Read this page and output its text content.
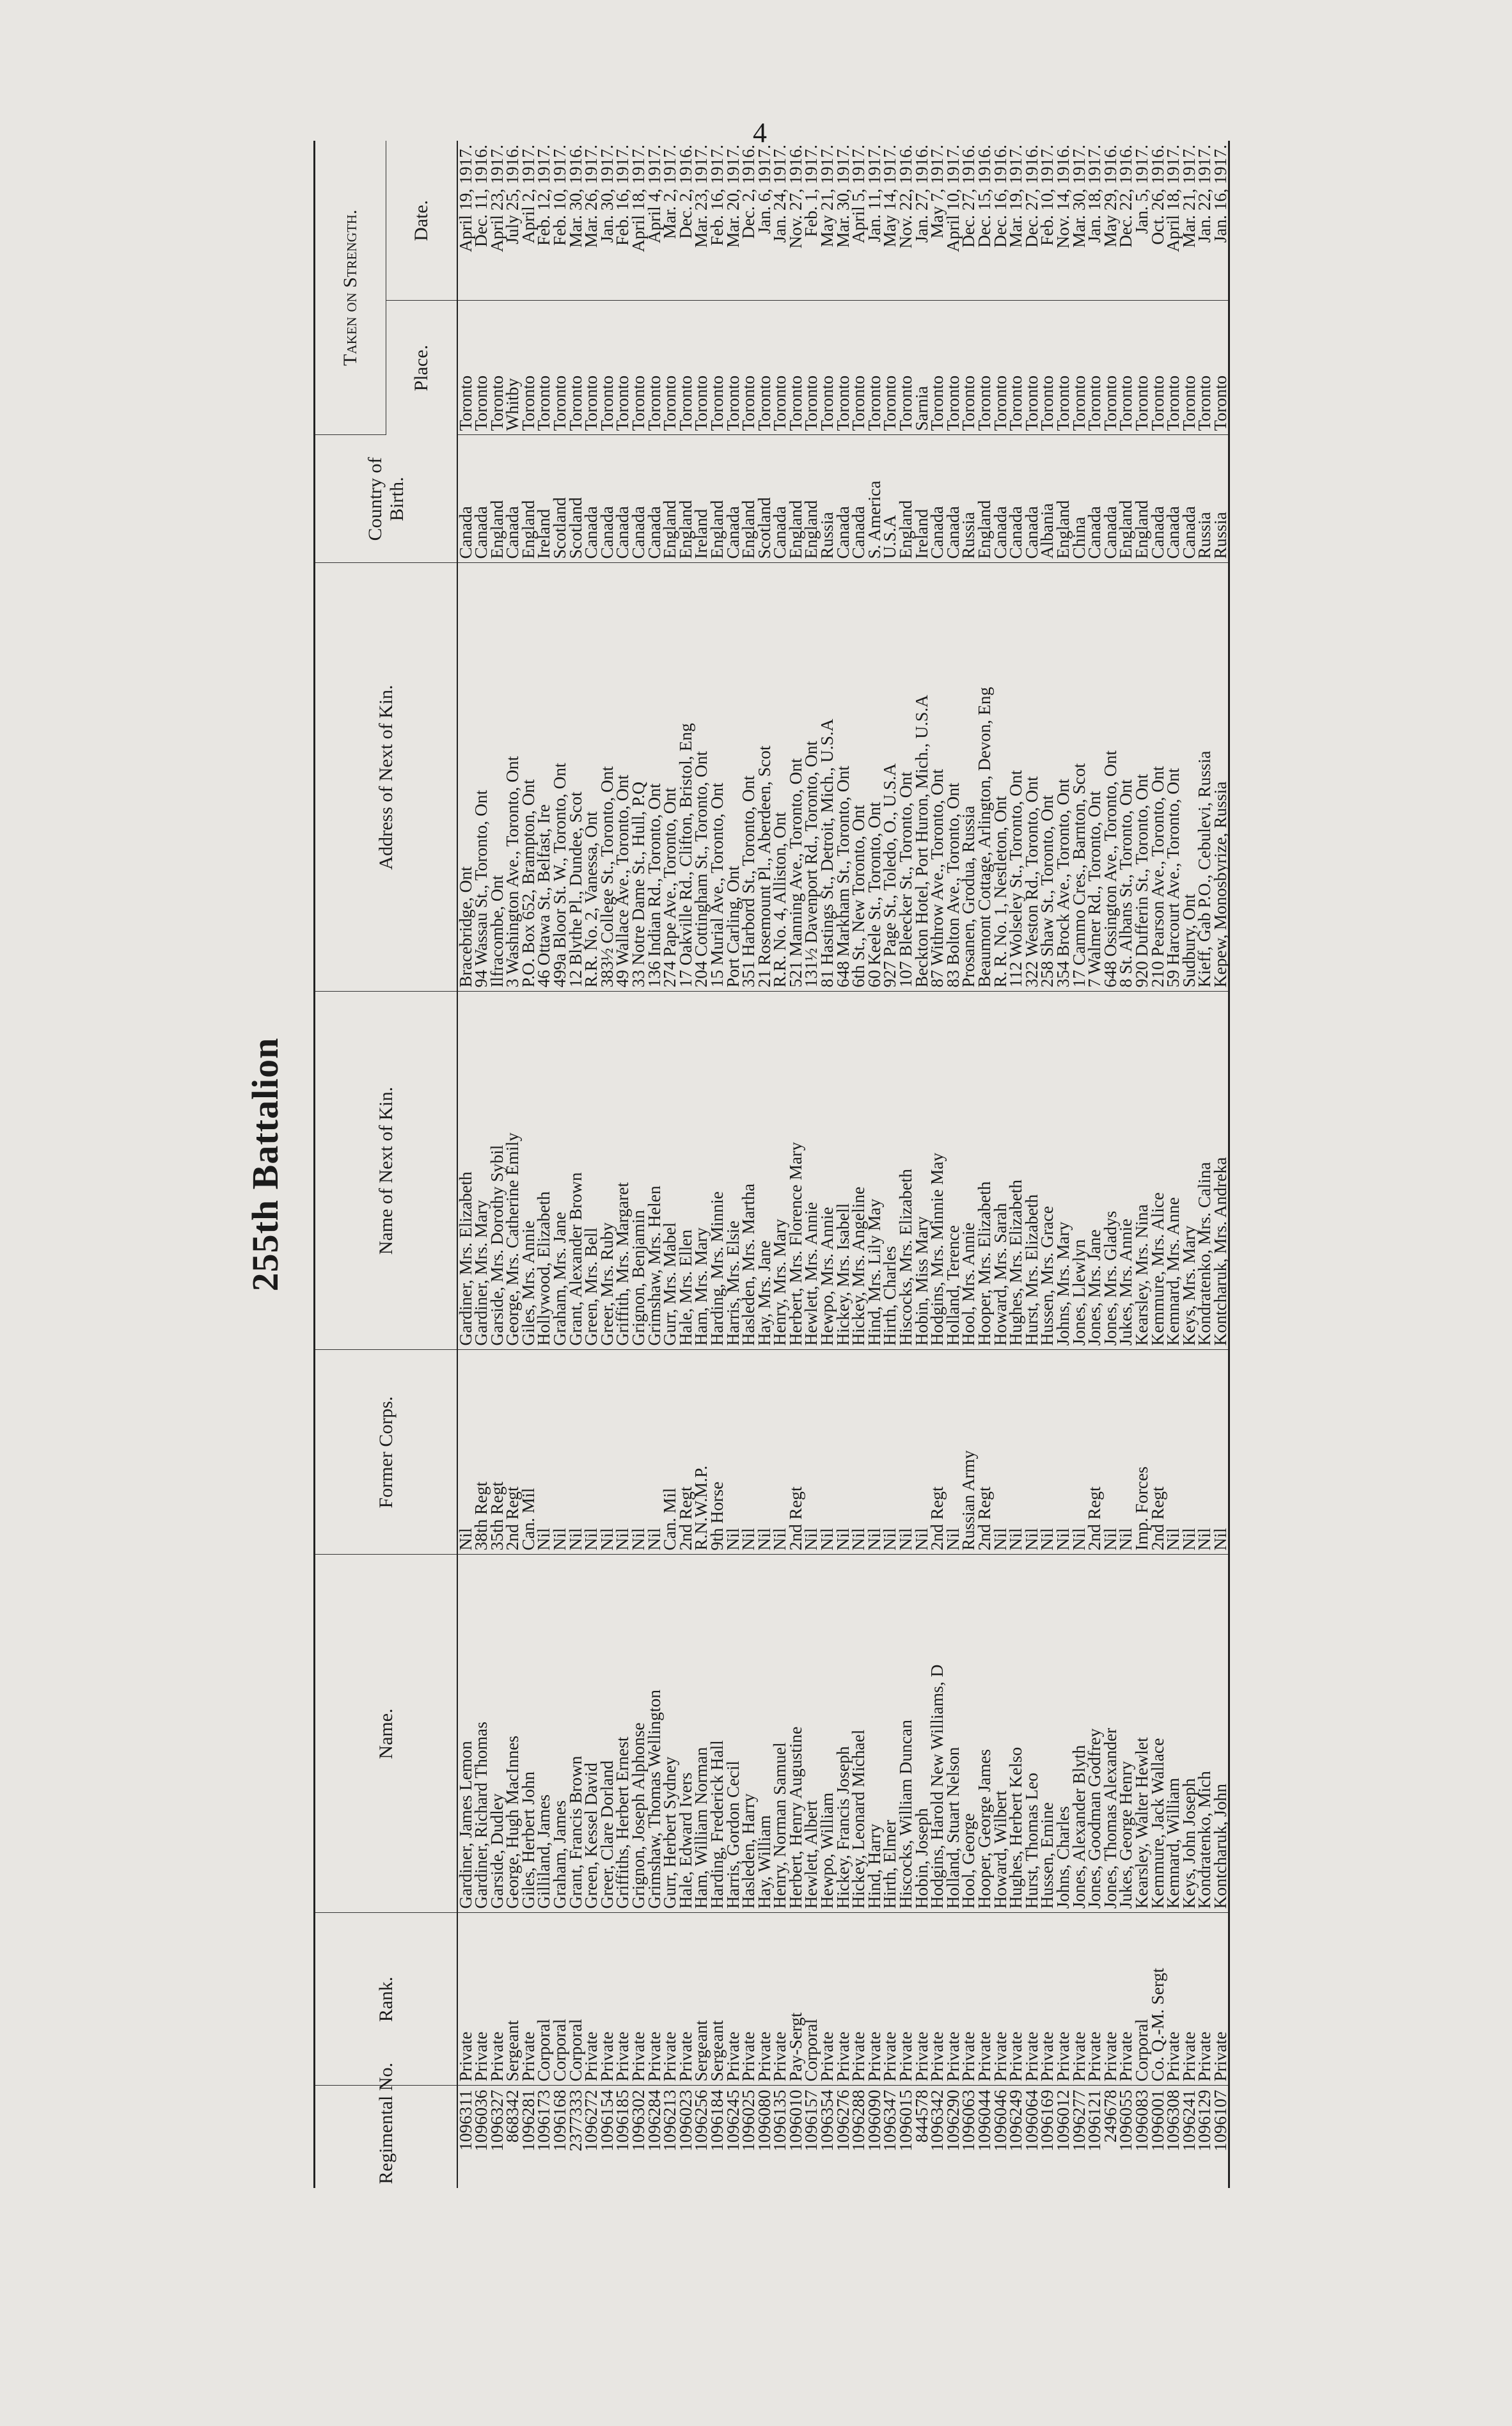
4
255th Battalion
Regimental No.	Rank.	Name.	Former Corps.	Name of Next of Kin.	Address of Next of Kin.	Country of Birth.	Taken on Strength.	
							Place.	Date.
1096311	Private	Gardiner, James Lemon	Nil	Gardiner, Mrs. Elizabeth	Bracebridge, Ont	Canada	Toronto	April 19, 1917.
1096036	Private	Gardiner, Richard Thomas	38th Regt	Gardiner, Mrs. Mary	94 Wassau St., Toronto, Ont	Canada	Toronto	Dec. 11, 1916.
1096327	Private	Garside, Dudley	35th Regt	Garside, Mrs. Dorothy Sybil	Ilfracombe, Ont	England	Toronto	April 23, 1917.
868342	Sergeant	George, Hugh MacInnes	2nd Regt	George, Mrs. Catherine Emily	3 Washington Ave., Toronto, Ont	Canada	Whitby	July 25, 1916.
1096281	Private	Giles, Herbert John	Can. Mil	Giles, Mrs. Annie	P.O. Box 652, Brampton, Ont	England	Toronto	April 2, 1917.
1096173	Corporal	Gilliland, James	Nil	Hollywood, Elizabeth	46 Ottawa St., Belfast, Ire	Ireland	Toronto	Feb. 12, 1917.
1096168	Corporal	Graham, James	Nil	Graham, Mrs. Jane	499a Bloor St. W., Toronto, Ont	Scotland	Toronto	Feb. 10, 1917.
2377333	Corporal	Grant, Francis Brown	Nil	Grant, Alexander Brown	12 Blythe Pl., Dundee, Scot	Scotland	Toronto	Mar. 30, 1916.
1096272	Private	Green, Kessel David	Nil	Green, Mrs. Bell	R.R. No. 2, Vanessa, Ont	Canada	Toronto	Mar. 26, 1917.
1096154	Private	Greer, Clare Dorland	Nil	Greer, Mrs. Ruby	383½ College St., Toronto, Ont	Canada	Toronto	Jan. 30, 1917.
1096185	Private	Griffiths, Herbert Ernest	Nil	Griffith, Mrs. Margaret	49 Wallace Ave., Toronto, Ont	Canada	Toronto	Feb. 16, 1917.
1096302	Private	Grignon, Joseph Alphonse	Nil	Grignon, Benjamin	33 Notre Dame St., Hull, P.Q	Canada	Toronto	April 18, 1917.
1096284	Private	Grimshaw, Thomas Wellington	Nil	Grimshaw, Mrs. Helen	136 Indian Rd., Toronto, Ont	Canada	Toronto	April 4, 1917.
1096213	Private	Gurr, Herbert Sydney	Can. Mil	Gurr, Mrs. Mabel	274 Pape Ave., Toronto, Ont	England	Toronto	Mar. 2, 1917.
1096023	Private	Hale, Edward Ivers	2nd Regt	Hale, Mrs. Ellen	17 Oakville Rd., Clifton, Bristol, Eng	England	Toronto	Dec. 2, 1916.
1096256	Sergeant	Ham, William Norman	R.N.W.M.P.	Ham, Mrs. Mary	204 Cottingham St., Toronto, Ont	Ireland	Toronto	Mar. 23, 1917.
1096184	Sergeant	Harding, Frederick Hall	9th Horse	Harding, Mrs. Minnie	15 Murial Ave., Toronto, Ont	England	Toronto	Feb. 16, 1917.
1096245	Private	Harris, Gordon Cecil	Nil	Harris, Mrs. Elsie	Port Carling, Ont	Canada	Toronto	Mar. 20, 1917.
1096025	Private	Hasleden, Harry	Nil	Hasleden, Mrs. Martha	351 Harbord St., Toronto, Ont	England	Toronto	Dec. 2, 1916.
1096080	Private	Hay, William	Nil	Hay, Mrs. Jane	21 Rosemount Pl., Aberdeen, Scot	Scotland	Toronto	Jan. 6, 1917.
1096135	Private	Henry, Norman Samuel	Nil	Henry, Mrs. Mary	R.R. No. 4, Alliston, Ont	Canada	Toronto	Jan. 24, 1917.
1096010	Pay-Sergt	Herbert, Henry Augustine	2nd Regt	Herbert, Mrs. Florence Mary	521 Manning Ave., Toronto, Ont	England	Toronto	Nov. 27, 1916.
1096157	Corporal	Hewlett, Albert	Nil	Hewlett, Mrs. Annie	131½ Davenport Rd., Toronto, Ont	England	Toronto	Feb. 1, 1917.
1096354	Private	Hewpo, William	Nil	Hewpo, Mrs. Annie	81 Hastings St., Detroit, Mich., U.S.A	Russia	Toronto	May 21, 1917.
1096276	Private	Hickey, Francis Joseph	Nil	Hickey, Mrs. Isabell	648 Markham St., Toronto, Ont	Canada	Toronto	Mar. 30, 1917.
1096288	Private	Hickey, Leonard Michael	Nil	Hickey, Mrs. Angeline	6th St., New Toronto, Ont	Canada	Toronto	April 5, 1917.
1096090	Private	Hind, Harry	Nil	Hind, Mrs. Lily May	60 Keele St., Toronto, Ont	S. America	Toronto	Jan. 11, 1917.
1096347	Private	Hirth, Elmer	Nil	Hirth, Charles	927 Page St., Toledo, O., U.S.A	U.S.A	Toronto	May 14, 1917.
1096015	Private	Hiscocks, William Duncan	Nil	Hiscocks, Mrs. Elizabeth	107 Bleecker St., Toronto, Ont	England	Toronto	Nov. 22, 1916.
844578	Private	Hobin, Joseph	Nil	Hobin, Miss Mary	Beckton Hotel, Port Huron, Mich., U.S.A	Ireland	Sarnia	Jan. 27, 1916.
1096342	Private	Hodgins, Harold New Williams, D	2nd Regt	Hodgins, Mrs. Minnie May	87 Withrow Ave., Toronto, Ont	Canada	Toronto	May 7, 1917.
1096290	Private	Holland, Stuart Nelson	Nil	Holland, Terence	83 Bolton Ave., Toronto, Ont	Canada	Toronto	April 10, 1917.
1096063	Private	Hool, George	Russian Army	Hool, Mrs. Annie	Prosanen, Grodua, Russia	Russia	Toronto	Dec. 27, 1916.
1096044	Private	Hooper, George James	2nd Regt	Hooper, Mrs. Elizabeth	Beaumont Cottage, Arlington, Devon, Eng	England	Toronto	Dec. 15, 1916.
1096046	Private	Howard, Wilbert	Nil	Howard, Mrs. Sarah	R. R. No. 1, Nestleton, Ont	Canada	Toronto	Dec. 16, 1916.
1096249	Private	Hughes, Herbert Kelso	Nil	Hughes, Mrs. Elizabeth	112 Wolseley St., Toronto, Ont	Canada	Toronto	Mar. 19, 1917.
1096064	Private	Hurst, Thomas Leo	Nil	Hurst, Mrs. Elizabeth	322 Weston Rd., Toronto, Ont	Canada	Toronto	Dec. 27, 1916.
1096169	Private	Hussen, Emine	Nil	Hussen, Mrs. Grace	258 Shaw St., Toronto, Ont	Albania	Toronto	Feb. 10, 1917.
1096012	Private	Johns, Charles	Nil	Johns, Mrs. Mary	354 Brock Ave., Toronto, Ont	England	Toronto	Nov. 14, 1916.
1096277	Private	Jones, Alexander Blyth	Nil	Jones, Llewlyn	17 Cammo Cres., Barnton, Scot	China	Toronto	Mar. 30, 1917.
1096121	Private	Jones, Goodman Godfrey	2nd Regt	Jones, Mrs. Jane	7 Walmer Rd., Toronto, Ont	Canada	Toronto	Jan. 18, 1917.
249678	Private	Jones, Thomas Alexander	Nil	Jones, Mrs. Gladys	648 Ossington Ave., Toronto, Ont	Canada	Toronto	May 29, 1916.
1096055	Private	Jukes, George Henry	Nil	Jukes, Mrs. Annie	8 St. Albans St., Toronto, Ont	England	Toronto	Dec. 22, 1916.
1096083	Corporal	Kearsley, Walter Hewlet	Imp. Forces	Kearsley, Mrs. Nina	920 Dufferin St., Toronto, Ont	England	Toronto	Jan. 5, 1917.
1096001	Co. Q.-M. Sergt	Kemmure, Jack Wallace	2nd Regt	Kemmure, Mrs. Alice	210 Pearson Ave., Toronto, Ont	Canada	Toronto	Oct. 26, 1916.
1096308	Private	Kemnard, William	Nil	Kemnard, Mrs. Anne	59 Harcourt Ave., Toronto, Ont	Canada	Toronto	April 18, 1917.
1096241	Private	Keys, John Joseph	Nil	Keys, Mrs. Mary	Sudbury, Ont	Canada	Toronto	Mar. 21, 1917.
1096129	Private	Kondratenko, Mich	Nil	Kondratenko, Mrs. Calina	Kieff, Gab P.O., Cebulevi, Russia	Russia	Toronto	Jan. 22, 1917.
1096107	Private	Kontcharuk, John	Nil	Kontcharuk, Mrs. Andreka	Kepew, Monosbyrize, Russia	Russia	Toronto	Jan. 16, 1917.
